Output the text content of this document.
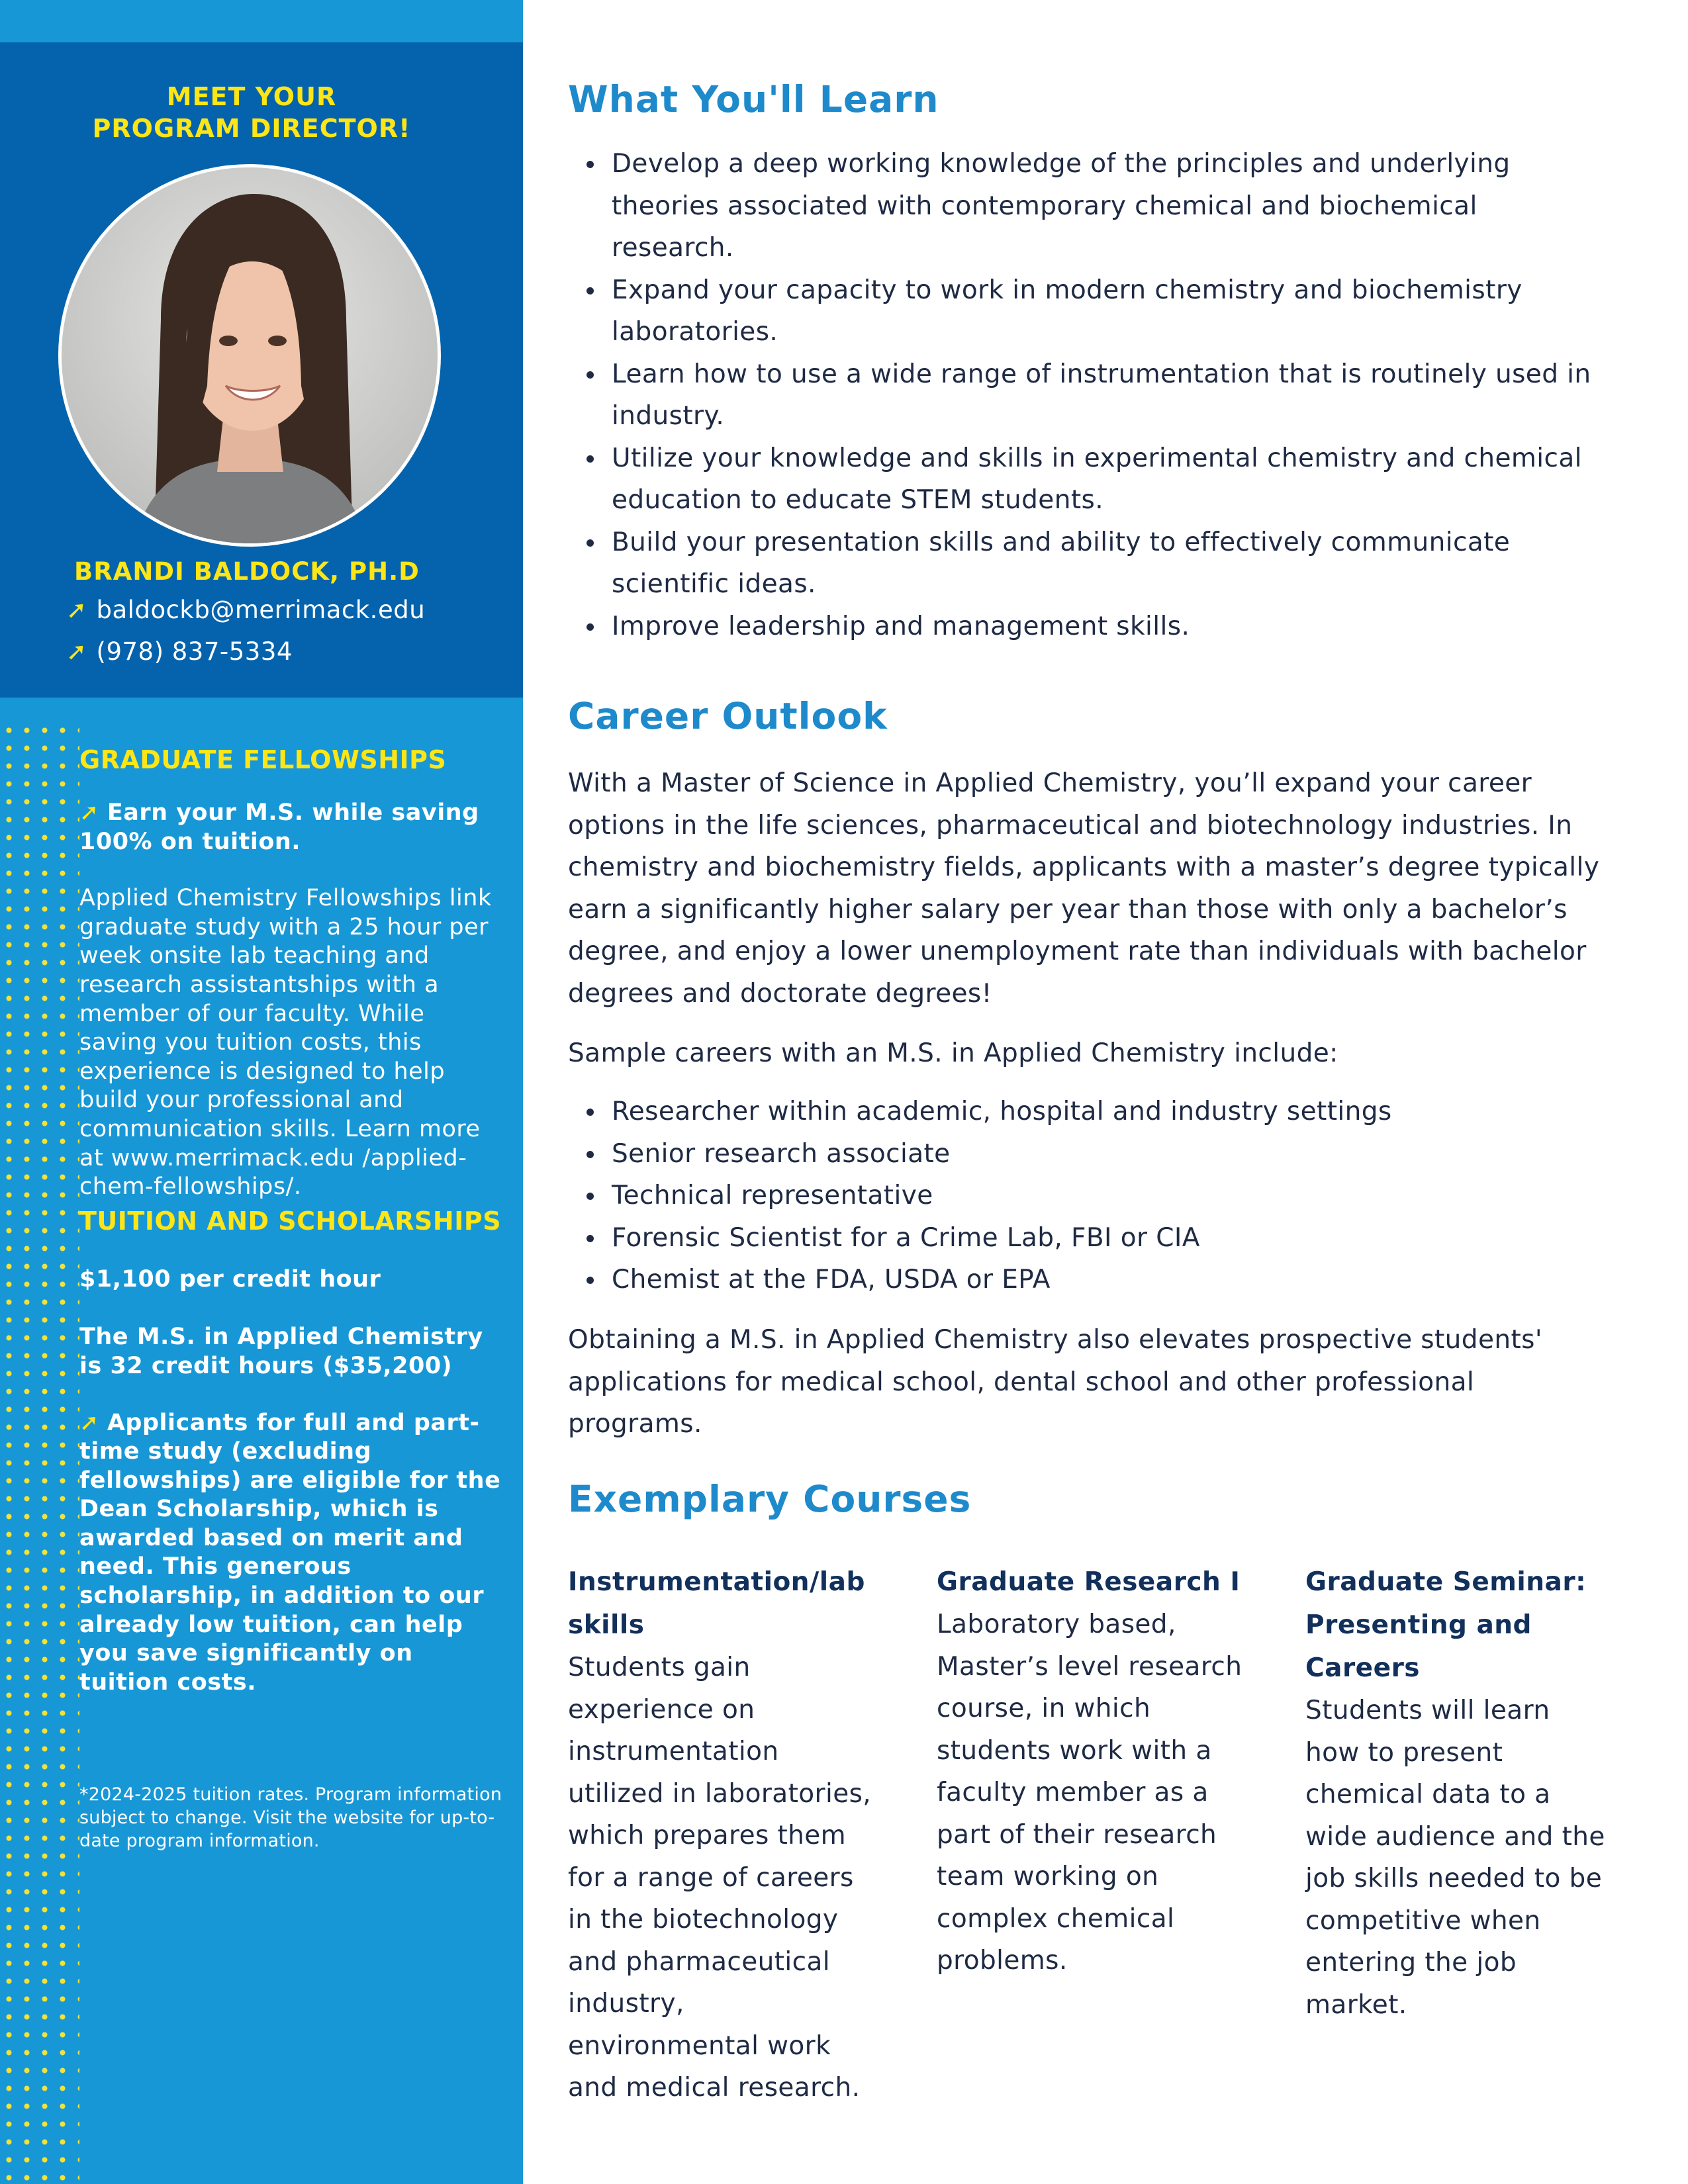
MEET YOUR
PROGRAM DIRECTOR!
BRANDI BALDOCK, PH.D
➚ baldockb@merrimack.edu
➚ (978) 837-5334
GRADUATE FELLOWSHIPS
➚ Earn your M.S. while saving 100% on tuition.
Applied Chemistry Fellowships link graduate study with a 25 hour per week onsite lab teaching and research assistantships with a member of our faculty. While saving you tuition costs, this experience is designed to help build your professional and communication skills. Learn more at www.merrimack.edu /applied-chem-fellowships/.
TUITION AND SCHOLARSHIPS
$1,100 per credit hour
The M.S. in Applied Chemistry is 32 credit hours ($35,200)
➚ Applicants for full and part-time study (excluding fellowships) are eligible for the Dean Scholarship, which is awarded based on merit and need. This generous scholarship, in addition to our already low tuition, can help you save significantly on tuition costs.
*2024-2025 tuition rates. Program information subject to change. Visit the website for up-to-date program information.
What You'll Learn
Develop a deep working knowledge of the principles and underlying theories associated with contemporary chemical and biochemical research.
Expand your capacity to work in modern chemistry and biochemistry laboratories.
Learn how to use a wide range of instrumentation that is routinely used in industry.
Utilize your knowledge and skills in experimental chemistry and chemical education to educate STEM students.
Build your presentation skills and ability to effectively communicate scientific ideas.
Improve leadership and management skills.
Career Outlook

With a Master of Science in Applied Chemistry, you’ll expand your career options in the life sciences, pharmaceutical and biotechnology industries. In chemistry and biochemistry fields, applicants with a master’s degree typically earn a significantly higher salary per year than those with only a bachelor’s degree, and enjoy a lower unemployment rate than individuals with bachelor degrees and doctorate degrees!

Sample careers with an M.S. in Applied Chemistry include:

Researcher within academic, hospital and industry settings
Senior research associate
Technical representative
Forensic Scientist for a Crime Lab, FBI or CIA
Chemist at the FDA, USDA or EPA

Obtaining a M.S. in Applied Chemistry also elevates prospective students' applications for medical school, dental school and other professional programs.

Exemplary Courses
Instrumentation/lab skills
Students gain experience on instrumentation utilized in laboratories, which prepares them for a range of careers in the biotechnology and pharmaceutical industry, environmental work and medical research.
Graduate Research I
Laboratory based, Master’s level research course, in which students work with a faculty member as a part of their research team working on complex chemical problems.
Graduate Seminar: Presenting and Careers
Students will learn how to present chemical data to a wide audience and the job skills needed to be competitive when entering the job market.
